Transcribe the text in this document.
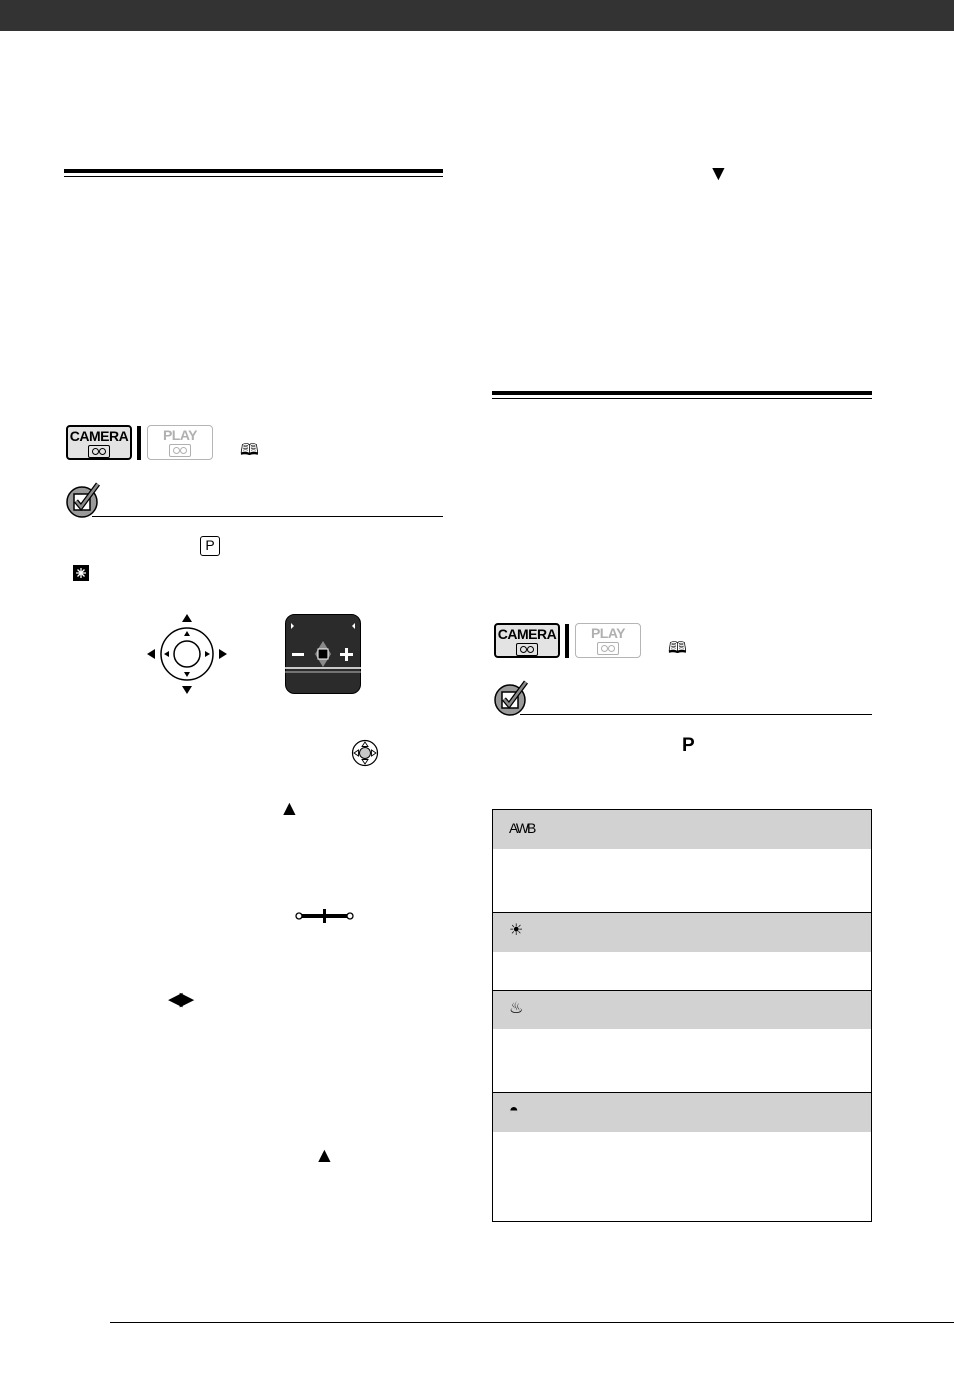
CAMERA	PLAY
🕮
P
▲
◀▶
▲
▼
CAMERA	PLAY
🕮
P
AWB
☀
♨
◓
